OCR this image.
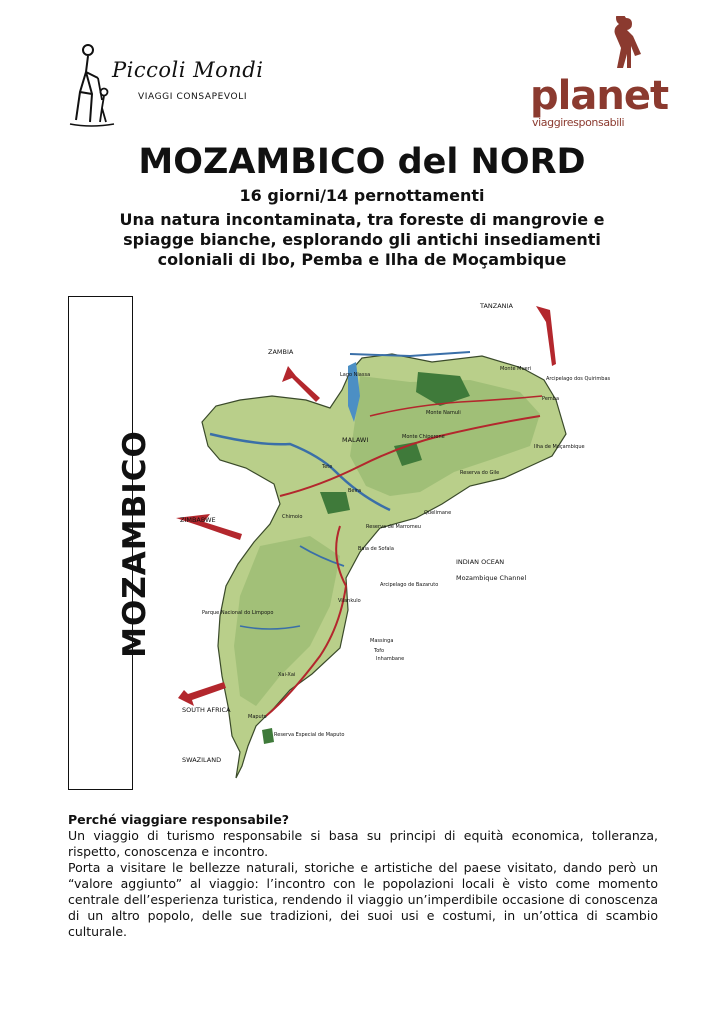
Piccoli Mondi
VIAGGI CONSAPEVOLI	planet
viaggiresponsabili
MOZAMBICO del NORD
16 giorni/14 pernottamenti
Una natura incontaminata, tra foreste di mangrovie e spiagge bianche, esplorando gli antichi insediamenti coloniali di Ibo, Pemba e Ilha de Moçambique
MOZAMBICO
TANZANIA
ZAMBIA
MALAWI
ZIMBABWE
SOUTH AFRICA
SWAZILAND
INDIAN OCEAN
Mozambique Channel
Lago Niassa
Monte Mueri
Arcipelago dos Quirimbas
Pemba
Monte Namuli
Ilha de Moçambique
Monte Chiperone
Reserva do Gile
Quelimane
Reserva de Marromeu
Beira
Tete
Baia de Sofala
Arcipelago de Bazaruto
Vilankulo
Massinga
Inhambane
Tofo
Xai-Xai
Maputo
Reserva Especial de Maputo
Parque Nacional do Limpopo
Chimoio
Perché viaggiare responsabile?

Un viaggio di turismo responsabile si basa su principi di equità economica, tolleranza, rispetto, conoscenza e incontro.

Porta a visitare le bellezze naturali, storiche e artistiche del paese visitato, dando però un “valore aggiunto” al viaggio: l’incontro con le popolazioni locali è visto come momento centrale dell’esperienza turistica, rendendo il viaggio un’imperdibile occasione di conoscenza di un altro popolo, delle sue tradizioni, dei suoi usi e costumi, in un’ottica di scambio culturale.
